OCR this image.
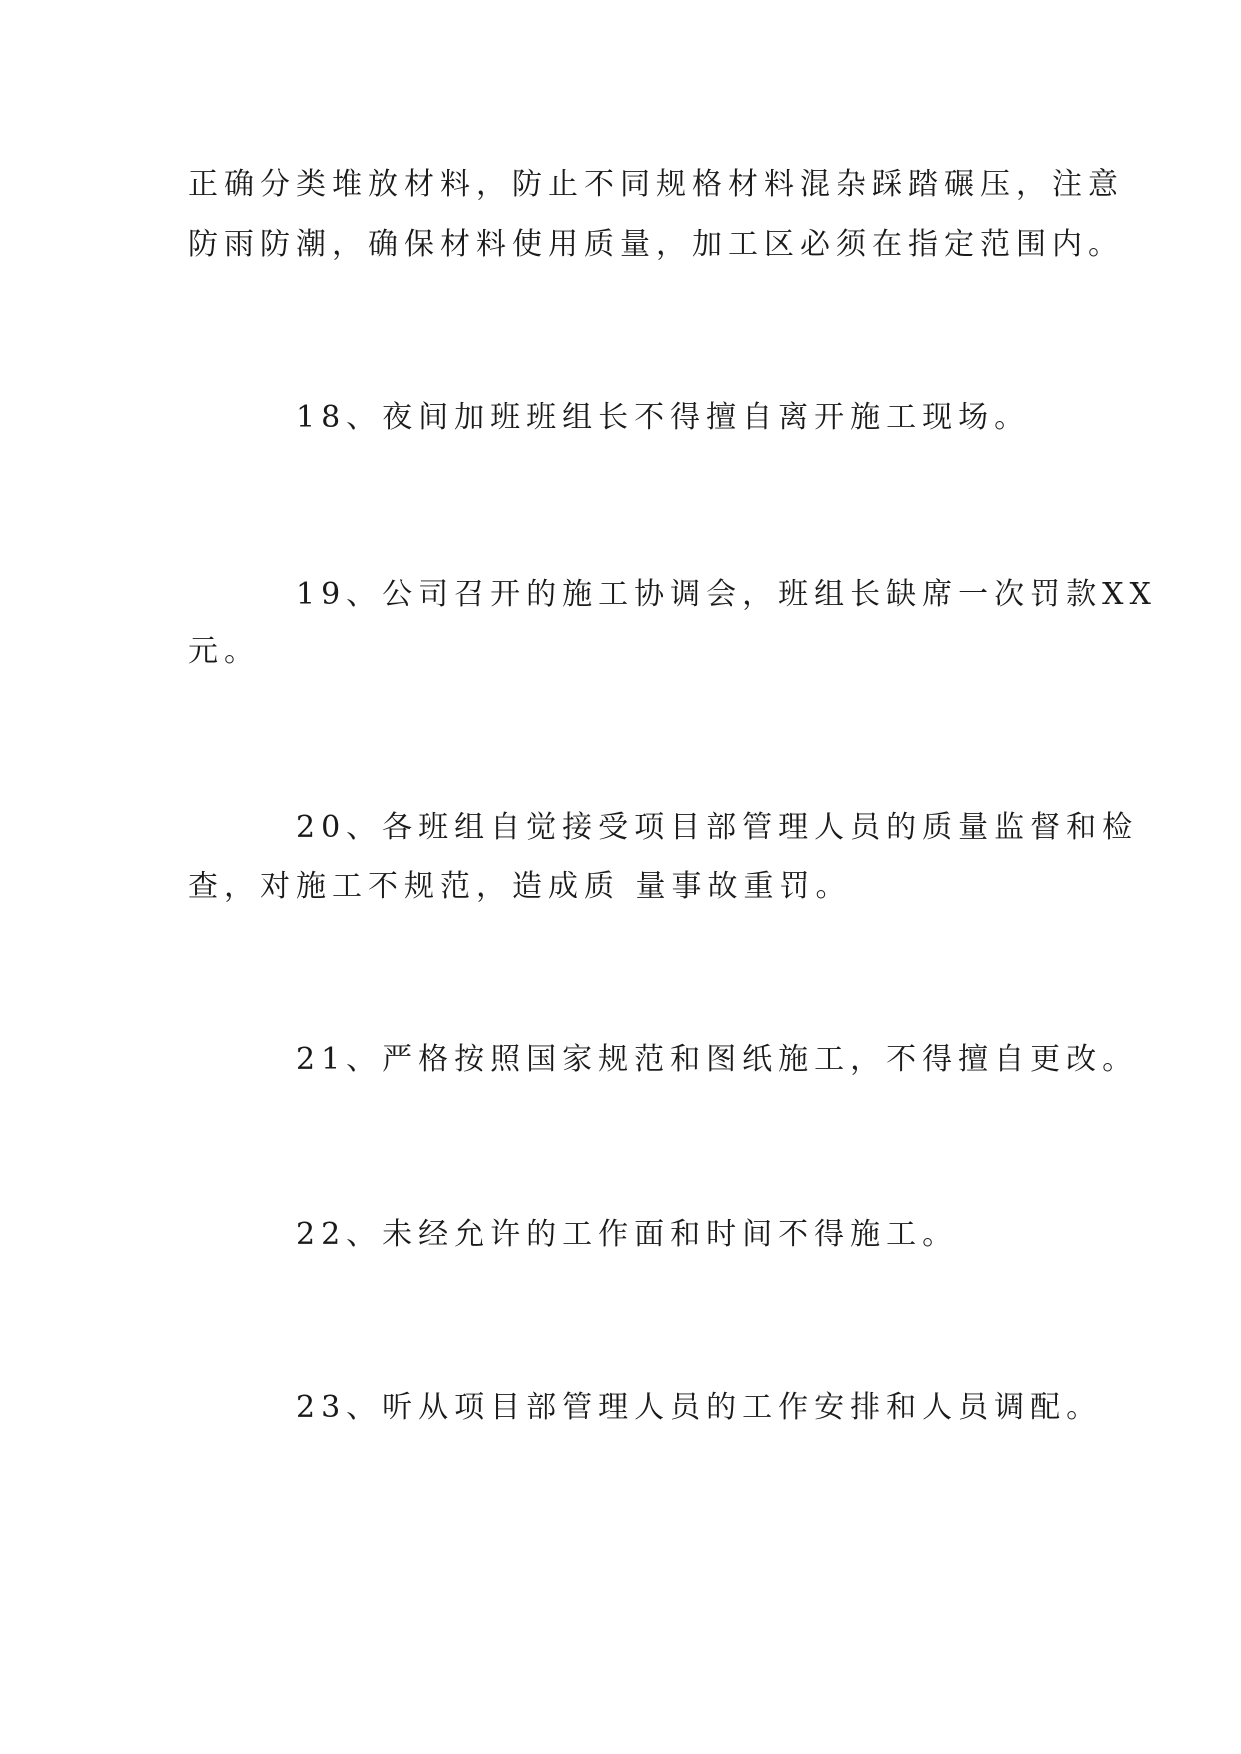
正确分类堆放材料，防止不同规格材料混杂踩踏碾压，注意
防雨防潮，确保材料使用质量，加工区必须在指定范围内。
18、夜间加班班组长不得擅自离开施工现场。
19、公司召开的施工协调会，班组长缺席一次罚款XX
元。
20、各班组自觉接受项目部管理人员的质量监督和检
查，对施工不规范，造成质 量事故重罚。
21、严格按照国家规范和图纸施工，不得擅自更改。
22、未经允许的工作面和时间不得施工。
23、听从项目部管理人员的工作安排和人员调配。
